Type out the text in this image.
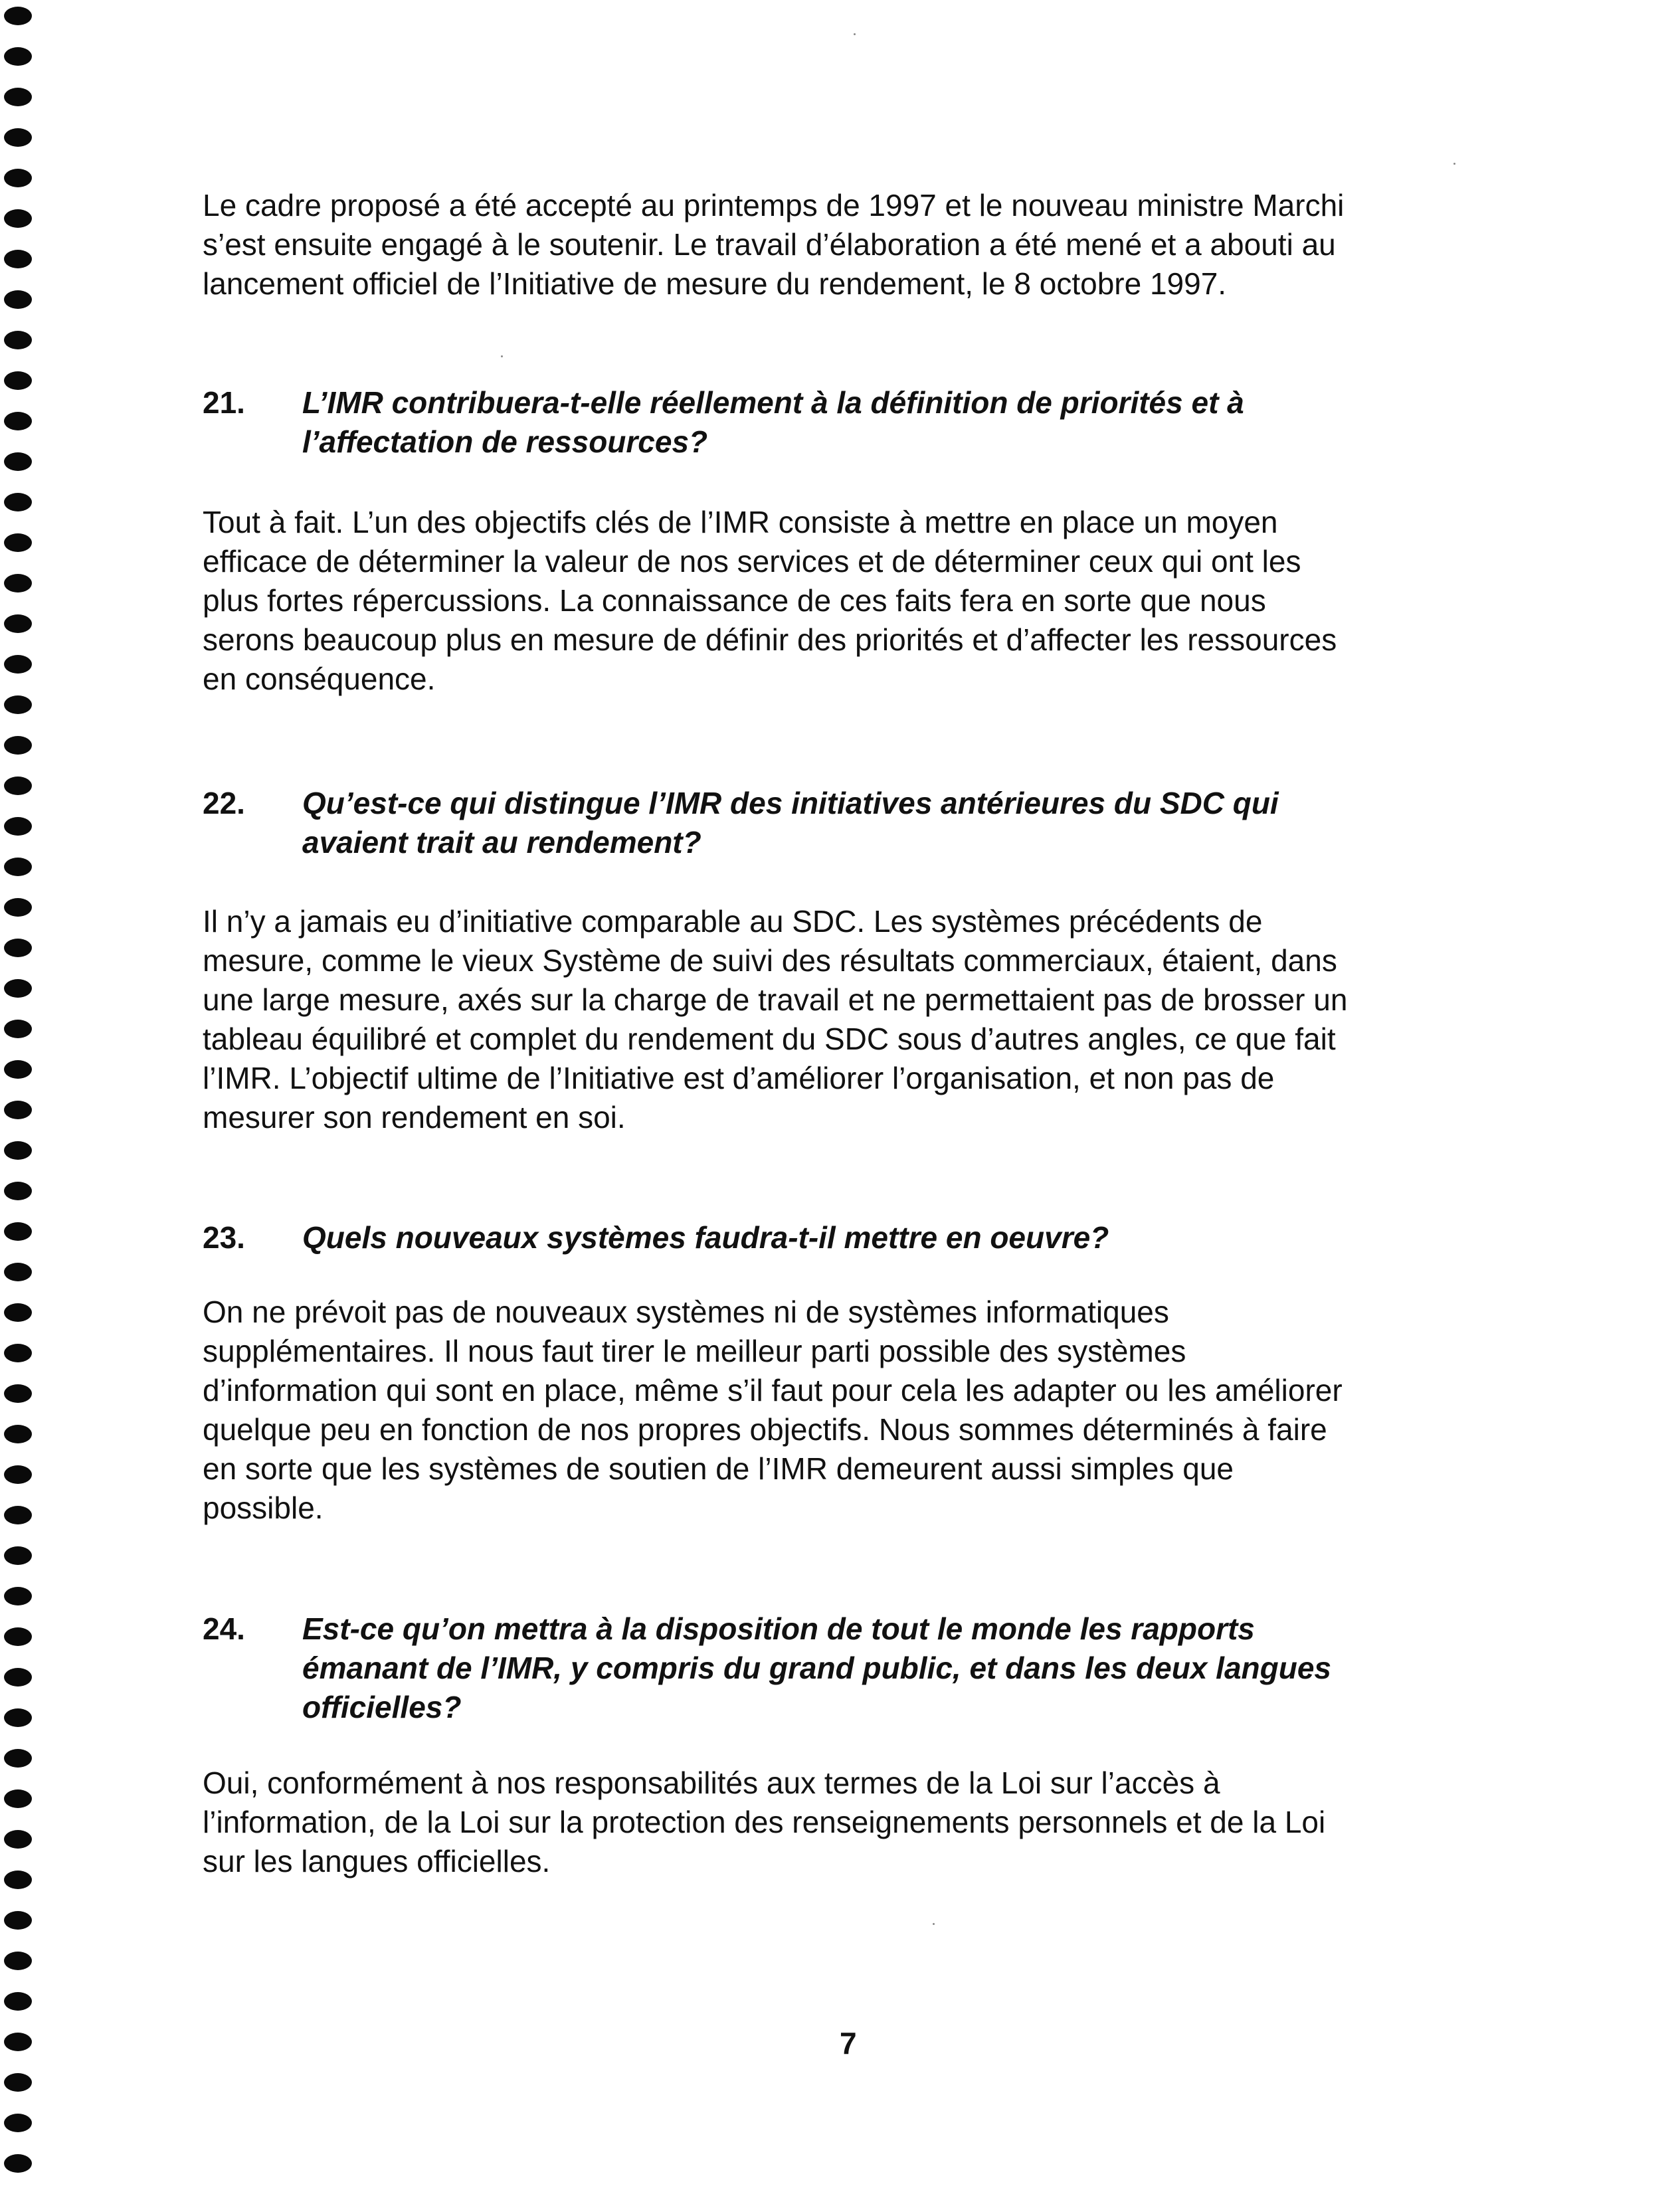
Le cadre proposé a été accepté au printemps de 1997 et le nouveau ministre Marchi
s’est ensuite engagé à le soutenir. Le travail d’élaboration a été mené et a abouti au
lancement officiel de l’Initiative de mesure du rendement, le 8 octobre 1997.

21.	L’IMR contribuera-t-elle réellement à la définition de priorités et à
l’affectation de ressources?

Tout à fait. L’un des objectifs clés de l’IMR consiste à mettre en place un moyen
efficace de déterminer la valeur de nos services et de déterminer ceux qui ont les
plus fortes répercussions. La connaissance de ces faits fera en sorte que nous
serons beaucoup plus en mesure de définir des priorités et d’affecter les ressources
en conséquence.

22.	Qu’est-ce qui distingue l’IMR des initiatives antérieures du SDC qui
avaient trait au rendement?

Il n’y a jamais eu d’initiative comparable au SDC. Les systèmes précédents de
mesure, comme le vieux Système de suivi des résultats commerciaux, étaient, dans
une large mesure, axés sur la charge de travail et ne permettaient pas de brosser un
tableau équilibré et complet du rendement du SDC sous d’autres angles, ce que fait
l’IMR. L’objectif ultime de l’Initiative est d’améliorer l’organisation, et non pas de
mesurer son rendement en soi.

23.	Quels nouveaux systèmes faudra-t-il mettre en oeuvre?

On ne prévoit pas de nouveaux systèmes ni de systèmes informatiques
supplémentaires. Il nous faut tirer le meilleur parti possible des systèmes
d’information qui sont en place, même s’il faut pour cela les adapter ou les améliorer
quelque peu en fonction de nos propres objectifs. Nous sommes déterminés à faire
en sorte que les systèmes de soutien de l’IMR demeurent aussi simples que
possible.

24.	Est-ce qu’on mettra à la disposition de tout le monde les rapports
émanant de l’IMR, y compris du grand public, et dans les deux langues
officielles?

Oui, conformément à nos responsabilités aux termes de la Loi sur l’accès à
l’information, de la Loi sur la protection des renseignements personnels et de la Loi
sur les langues officielles.

7
